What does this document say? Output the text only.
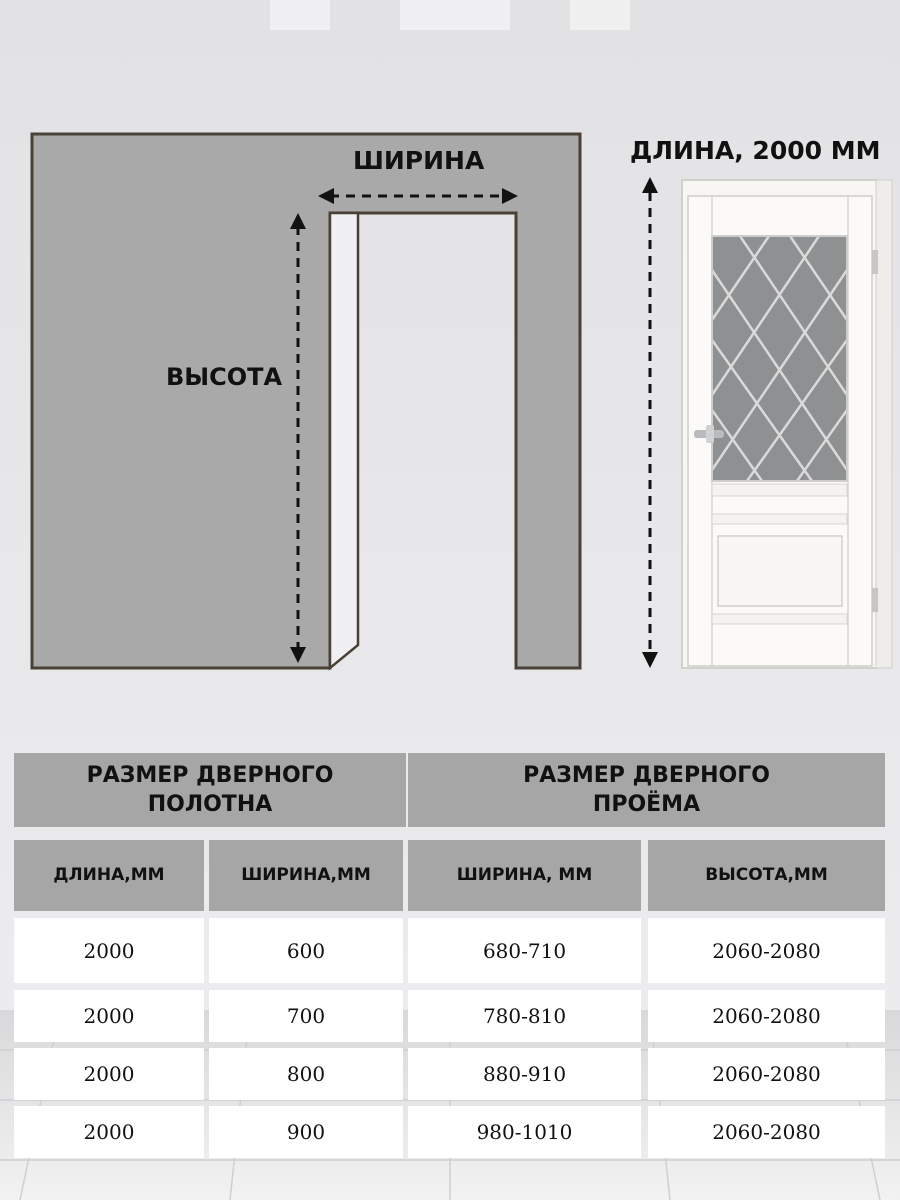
ШИРИНА
ВЫСОТА
ДЛИНА, 2000 ММ
РАЗМЕР ДВЕРНОГО ПОЛОТНА
РАЗМЕР ДВЕРНОГО ПРОЁМА
ДЛИНА,ММ	ШИРИНА,ММ	ШИРИНА, ММ	ВЫСОТА,ММ
2000	600	680-710	2060-2080
2000	700	780-810	2060-2080
2000	800	880-910	2060-2080
2000	900	980-1010	2060-2080
